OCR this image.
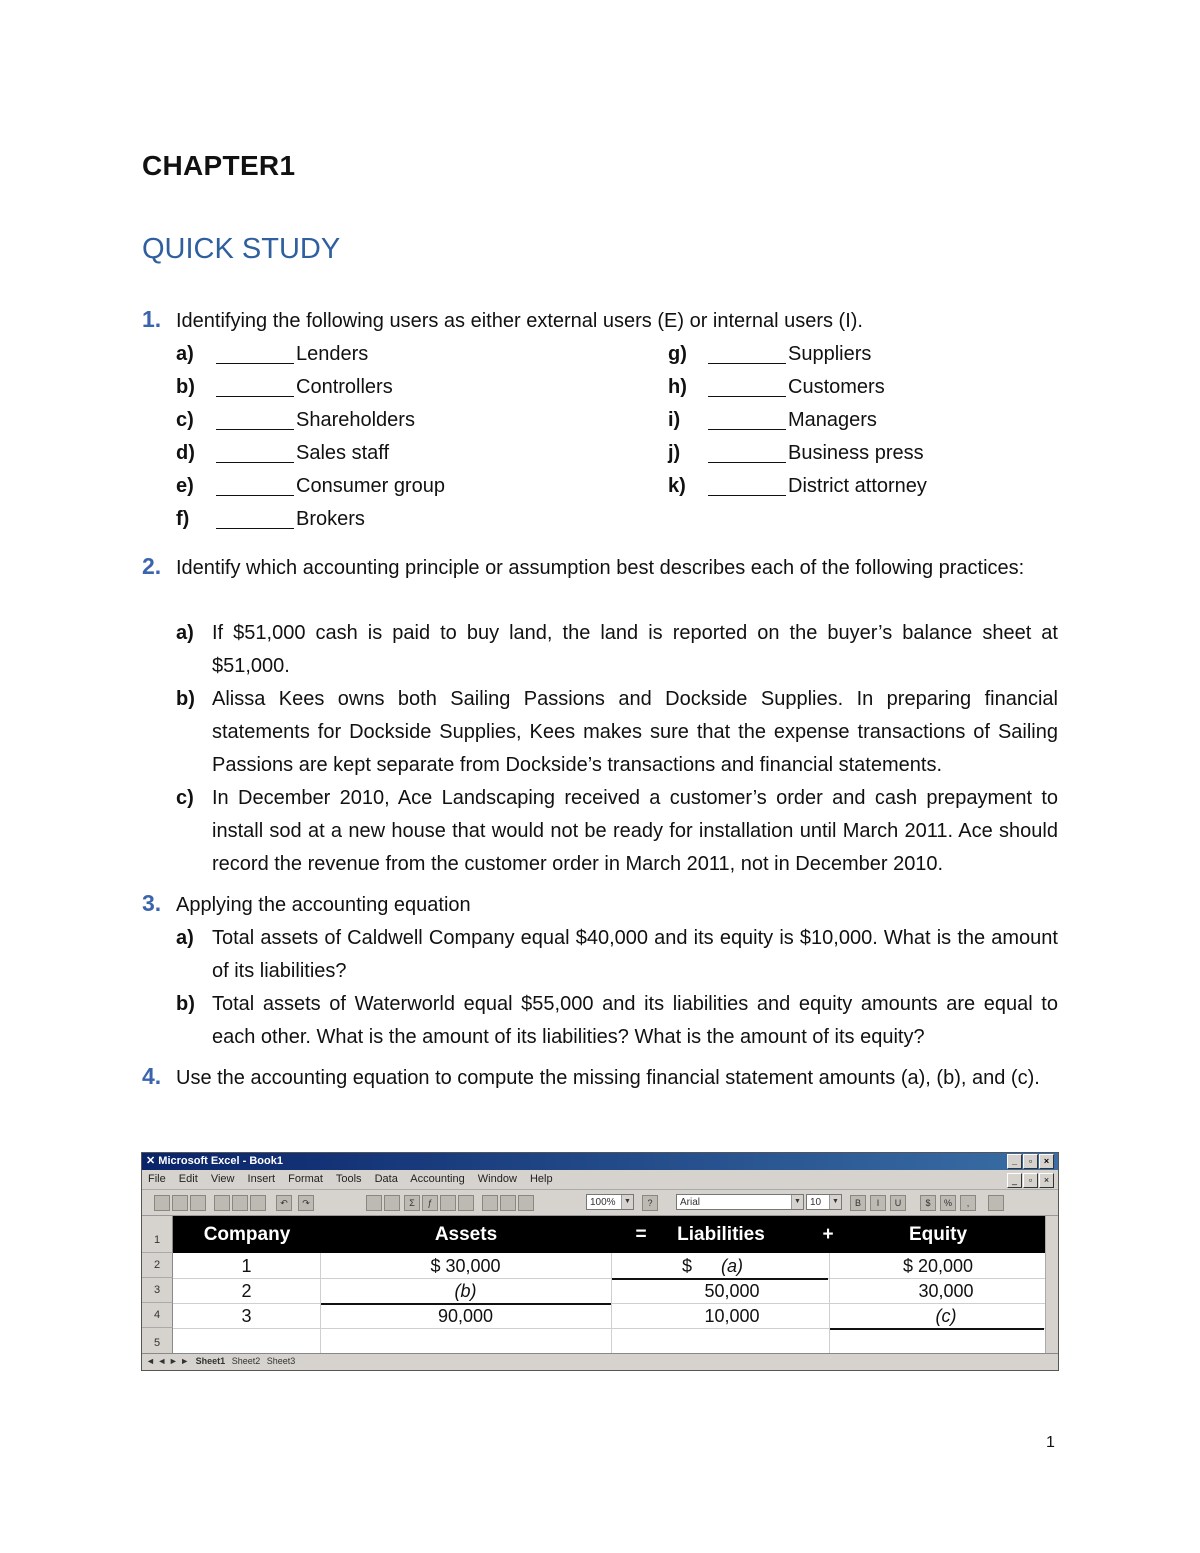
CHAPTER1
QUICK STUDY
1. Identifying the following users as either external users (E) or internal users (I).
a)	Lenders
b)	Controllers
c)	Shareholders
d)	Sales staff
e)	Consumer group
f)	Brokers
g)	Suppliers
h)	Customers
i)	Managers
j)	Business press
k)	District attorney
2. Identify which accounting principle or assumption best describes each of the following practices:
a) If $51,000 cash is paid to buy land, the land is reported on the buyer’s balance sheet at $51,000.
b) Alissa Kees owns both Sailing Passions and Dockside Supplies. In preparing financial statements for Dockside Supplies, Kees makes sure that the expense transactions of Sailing Passions are kept separate from Dockside’s transactions and financial statements.
c) In December 2010, Ace Landscaping received a customer’s order and cash prepayment to install sod at a new house that would not be ready for installation until March 2011. Ace should record the revenue from the customer order in March 2011, not in December 2010.
3. Applying the accounting equation
a) Total assets of Caldwell Company equal $40,000 and its equity is $10,000. What is the amount of its liabilities?
b) Total assets of Waterworld equal $55,000 and its liabilities and equity amounts are equal to each other. What is the amount of its liabilities? What is the amount of its equity?
4. Use the accounting equation to compute the missing financial statement amounts (a), (b), and (c).
✕ Microsoft Excel - Book1	_	▫	×
File Edit View Insert Format Tools Data Accounting Window Help	_	▫	×
↶	↷	Σ	ƒ	100%	▼	?	Arial	▼ 10	▼	B	I	U	$	%	,
1
2
3
4
5
Company	Assets	=	Liabilities	+	Equity
1	$ 30,000	$	(a)	$ 20,000
2	(b)	50,000	30,000
3	90,000	10,000	(c)
◄ ◄ ► ► Sheet1 Sheet2 Sheet3
1
